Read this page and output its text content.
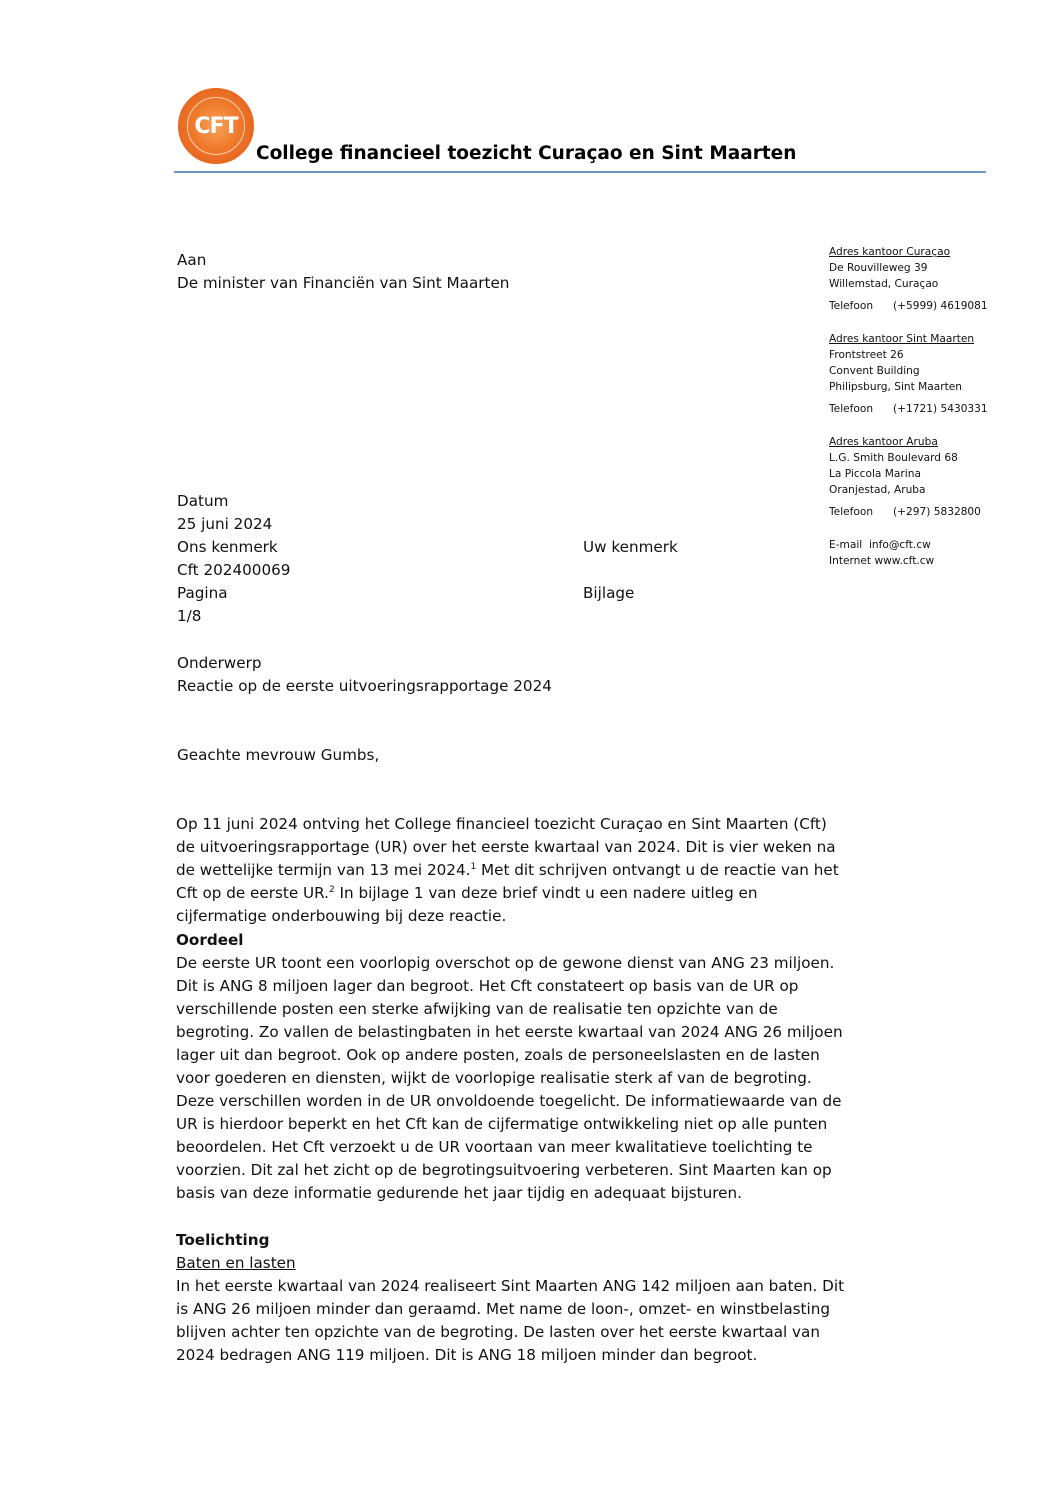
CFT
College financieel toezicht Curaçao en Sint Maarten
Aan
De minister van Financiën van Sint Maarten
Adres kantoor Curaçao
De Rouvilleweg 39
Willemstad, Curaçao
Telefoon (+5999) 4619081
Adres kantoor Sint Maarten
Frontstreet 26
Convent Building
Philipsburg, Sint Maarten
Telefoon (+1721) 5430331
Adres kantoor Aruba
L.G. Smith Boulevard 68
La Piccola Marina
Oranjestad, Aruba
Telefoon (+297) 5832800
E-mail info@cft.cw
Internet www.cft.cw
Datum
25 juni 2024
Ons kenmerk	Uw kenmerk
Cft 202400069
Pagina	Bijlage
1/8
Onderwerp
Reactie op de eerste uitvoeringsrapportage 2024
Geachte mevrouw Gumbs,

Op 11 juni 2024 ontving het College financieel toezicht Curaçao en Sint Maarten (Cft)

de uitvoeringsrapportage (UR) over het eerste kwartaal van 2024. Dit is vier weken na

de wettelijke termijn van 13 mei 2024.$^1$ Met dit schrijven ontvangt u de reactie van het

Cft op de eerste UR.$^2$ In bijlage 1 van deze brief vindt u een nadere uitleg en

cijfermatige onderbouwing bij deze reactie.

Oordeel

De eerste UR toont een voorlopig overschot op de gewone dienst van ANG 23 miljoen.

Dit is ANG 8 miljoen lager dan begroot. Het Cft constateert op basis van de UR op

verschillende posten een sterke afwijking van de realisatie ten opzichte van de

begroting. Zo vallen de belastingbaten in het eerste kwartaal van 2024 ANG 26 miljoen

lager uit dan begroot. Ook op andere posten, zoals de personeelslasten en de lasten

voor goederen en diensten, wijkt de voorlopige realisatie sterk af van de begroting.

Deze verschillen worden in de UR onvoldoende toegelicht. De informatiewaarde van de

UR is hierdoor beperkt en het Cft kan de cijfermatige ontwikkeling niet op alle punten

beoordelen. Het Cft verzoekt u de UR voortaan van meer kwalitatieve toelichting te

voorzien. Dit zal het zicht op de begrotingsuitvoering verbeteren. Sint Maarten kan op

basis van deze informatie gedurende het jaar tijdig en adequaat bijsturen.

Toelichting

Baten en lasten

In het eerste kwartaal van 2024 realiseert Sint Maarten ANG 142 miljoen aan baten. Dit

is ANG 26 miljoen minder dan geraamd. Met name de loon-, omzet- en winstbelasting

blijven achter ten opzichte van de begroting. De lasten over het eerste kwartaal van

2024 bedragen ANG 119 miljoen. Dit is ANG 18 miljoen minder dan begroot.
